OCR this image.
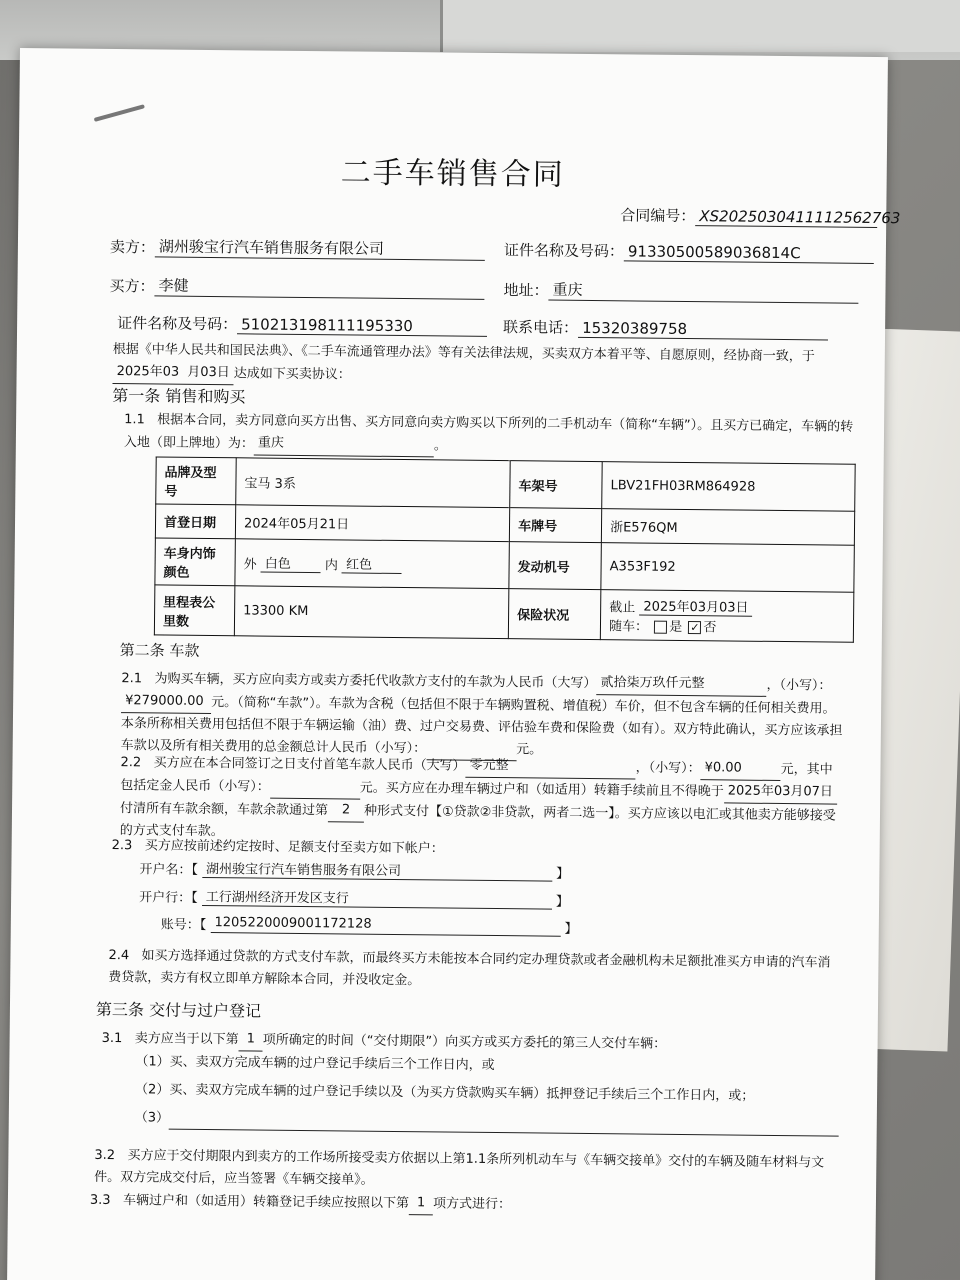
二手车销售合同
合同编号： XS2025030411112562763
卖方： 湖州骏宝行汽车销售服务有限公司	证件名称及号码： 91330500589036814C
买方： 李健	地址： 重庆
证件名称及号码： 510213198111195330	联系电话： 15320389758
根据《中华人民共和国民法典》、《二手车流通管理办法》等有关法律法规，买卖双方本着平等、自愿原则，经协商一致，于2025年03 月03日 达成如下买卖协议：
第一条 销售和购买
1.1 根据本合同，卖方同意向买方出售、买方同意向卖方购买以下所列的二手机动车（简称“车辆”）。且买方已确定，车辆的转入地（即上牌地）为： 重庆	。
品牌及型号	宝马 3系	车架号	LBV21FH03RM864928
首登日期	2024年05月21日	车牌号	浙E576QM
车身内饰颜色	外 白色 内 红色	发动机号	A353F192
里程表公里数	13300 KM	保险状况	截止 2025年03月03日
随车： 是 ✓ 否
第二条 车款
2.1 为购买车辆，买方应向卖方或卖方委托代收款方支付的车款为人民币（大写） 贰拾柒万玖仟元整	，（小写）：¥279000.00 元。（简称“车款”）。车款为含税（包括但不限于车辆购置税、增值税）车价，但不包含车辆的任何相关费用。本条所称相关费用包括但不限于车辆运输（油）费、过户交易费、评估验车费和保险费（如有）。双方特此确认，买方应该承担车款以及所有相关费用的总金额总计人民币（小写）：	元。
2.2 买方应在本合同签订之日支付首笔车款人民币（大写） 零元整	，（小写）： ¥0.00	元，其中包括定金人民币（小写）：	元。买方应在办理车辆过户和（如适用）转籍手续前且不得晚于 2025年03月07日付清所有车款余额，车款余款通过第 2 种形式支付【①贷款②非贷款，两者二选一】。买方应该以电汇或其他卖方能够接受的方式支付车款。
2.3 买方应按前述约定按时、足额支付至卖方如下帐户：
开户名：【 湖州骏宝行汽车销售服务有限公司	】
开户行：【 工行湖州经济开发区支行	】
账号：【 1205220009001172128	】
2.4 如买方选择通过贷款的方式支付车款，而最终买方未能按本合同约定办理贷款或者金融机构未足额批准买方申请的汽车消费贷款，卖方有权立即单方解除本合同，并没收定金。
第三条 交付与过户登记
3.1 卖方应当于以下第 1 项所确定的时间（“交付期限”）向买方或买方委托的第三人交付车辆：
（1）买、卖双方完成车辆的过户登记手续后三个工作日内，或
（2）买、卖双方完成车辆的过户登记手续以及（为买方贷款购买车辆）抵押登记手续后三个工作日内，或；
（3）
3.2 买方应于交付期限内到卖方的工作场所接受卖方依据以上第1.1条所列机动车与《车辆交接单》交付的车辆及随车材料与文件。双方完成交付后，应当签署《车辆交接单》。
3.3 车辆过户和（如适用）转籍登记手续应按照以下第 1 项方式进行：
